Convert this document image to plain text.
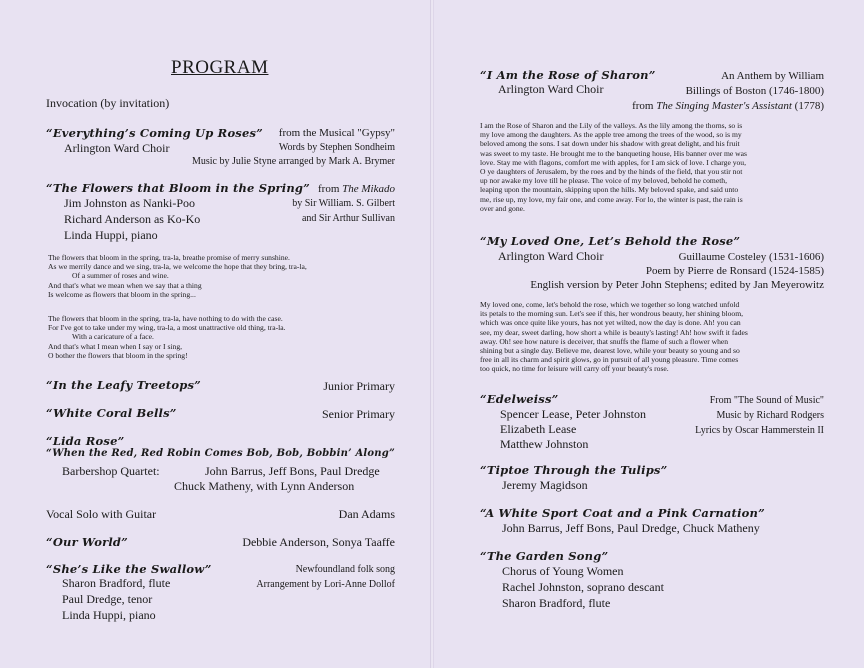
PROGRAM
Invocation (by invitation)
“Everything’s Coming Up Roses”
Arlington Ward Choir
from the Musical "Gypsy"
Words by Stephen Sondheim
Music by Julie Styne arranged by Mark A. Brymer
“The Flowers that Bloom in the Spring”
Jim Johnston as Nanki-Poo
Richard Anderson as Ko-Ko
Linda Huppi, piano
from The Mikado
by Sir William. S. Gilbert
and Sir Arthur Sullivan
The flowers that bloom in the spring, tra-la, breathe promise of merry sunshine.
As we merrily dance and we sing, tra-la, we welcome the hope that they bring, tra-la,
Of a summer of roses and wine.
And that's what we mean when we say that a thing
Is welcome as flowers that bloom in the spring...
The flowers that bloom in the spring, tra-la, have nothing to do with the case.
For I've got to take under my wing, tra-la, a most unattractive old thing, tra-la.
With a caricature of a face.
And that's what I mean when I say or I sing,
O bother the flowers that bloom in the spring!
“In the Leafy Treetops”	Junior Primary
“White Coral Bells”	Senior Primary
“Lida Rose”
“When the Red, Red Robin Comes Bob, Bob, Bobbin’ Along”
Barbershop Quartet:	John Barrus, Jeff Bons, Paul Dredge
Chuck Matheny, with Lynn Anderson
Vocal Solo with Guitar	Dan Adams
“Our World”	Debbie Anderson, Sonya Taaffe
“She’s Like the Swallow”
Sharon Bradford, flute
Paul Dredge, tenor
Linda Huppi, piano
Newfoundland folk song
Arrangement by Lori-Anne Dollof
“I Am the Rose of Sharon”
Arlington Ward Choir
An Anthem by William
Billings of Boston (1746-1800)
from The Singing Master's Assistant (1778)
I am the Rose of Sharon and the Lily of the valleys. As the lily among the thorns, so is
my love among the daughters. As the apple tree among the trees of the wood, so is my
beloved among the sons. I sat down under his shadow with great delight, and his fruit
was sweet to my taste. He brought me to the banqueting house, His banner over me was
love. Stay me with flagons, comfort me with apples, for I am sick of love. I charge you,
O ye daughters of Jerusalem, by the roes and by the hinds of the field, that you stir not
up nor awake my love till he please. The voice of my beloved, behold he cometh,
leaping upon the mountain, skipping upon the hills. My beloved spake, and said unto
me, rise up, my love, my fair one, and come away. For lo, the winter is past, the rain is
over and gone.
“My Loved One, Let’s Behold the Rose”
Arlington Ward Choir	Guillaume Costeley (1531-1606)
Poem by Pierre de Ronsard (1524-1585)
English version by Peter John Stephens; edited by Jan Meyerowitz
My loved one, come, let's behold the rose, which we together so long watched unfold
its petals to the morning sun. Let's see if this, her wondrous beauty, her shining bloom,
which was once quite like yours, has not yet wilted, now the day is done. Ah! you can
see, my dear, sweet darling, how short a while is beauty's lasting! Ah! how swift it fades
away. Oh! see how nature is deceiver, that snuffs the flame of such a flower when
shining but a single day. Believe me, dearest love, while your beauty so young and so
free in all its charm and spirit glows, go in pursuit of all young pleasure. Time comes
too quick, no time for leisure will carry off your beauty's rose.
“Edelweiss”
Spencer Lease, Peter Johnston
Elizabeth Lease
Matthew Johnston
From "The Sound of Music"
Music by Richard Rodgers
Lyrics by Oscar Hammerstein II
“Tiptoe Through the Tulips”
Jeremy Magidson
“A White Sport Coat and a Pink Carnation”
John Barrus, Jeff Bons, Paul Dredge, Chuck Matheny
“The Garden Song”
Chorus of Young Women
Rachel Johnston, soprano descant
Sharon Bradford, flute
